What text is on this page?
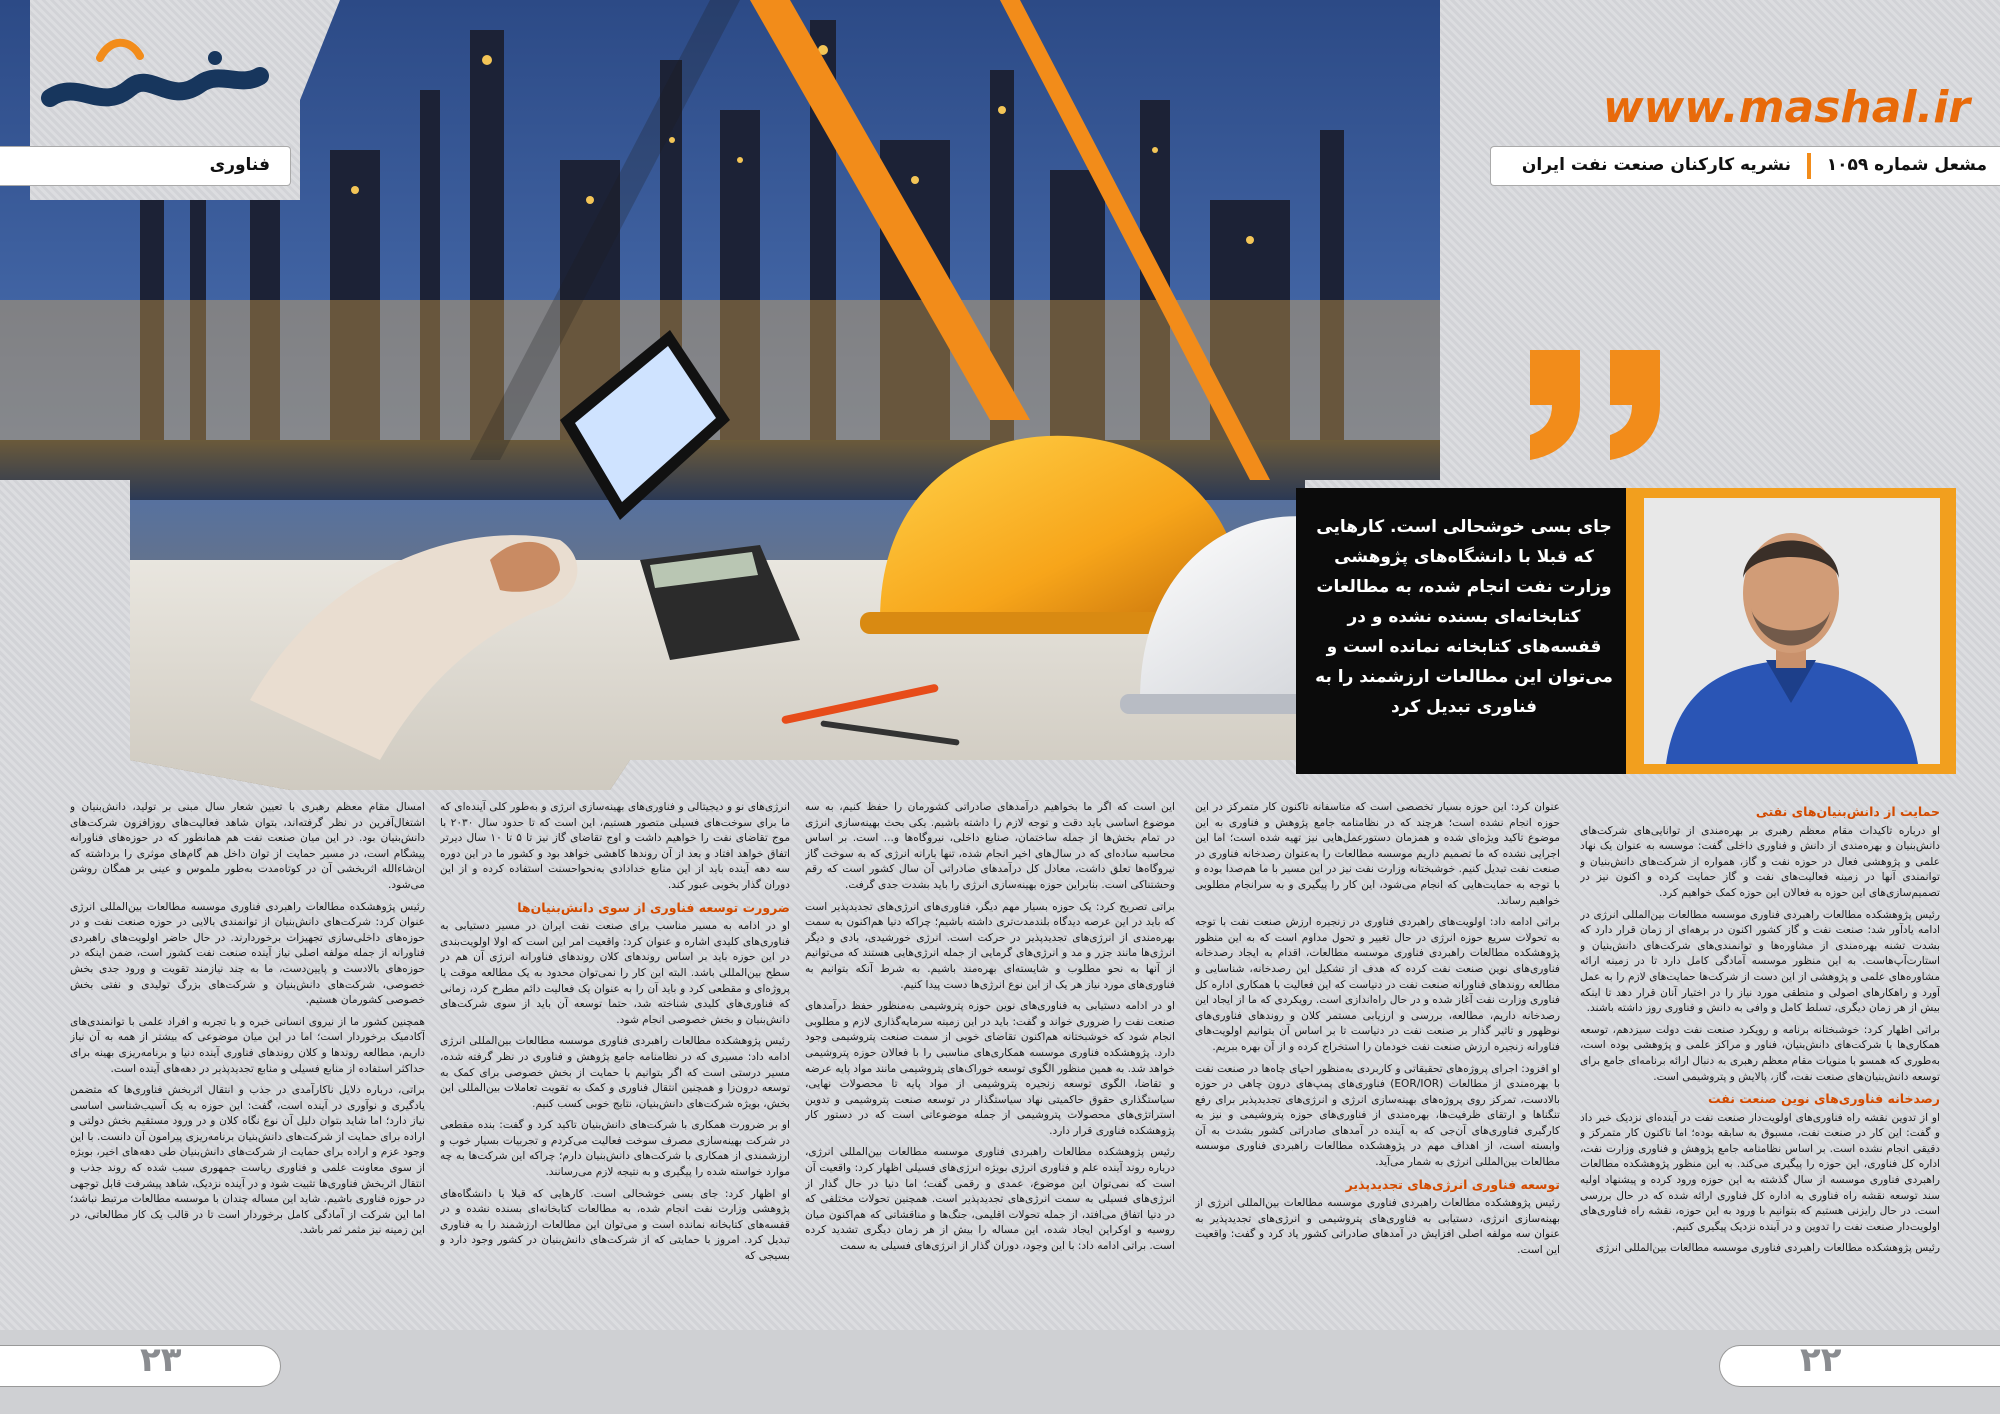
فناوری
www.mashal.ir
مشعل شماره ۱۰۵۹
نشریه کارکنان صنعت نفت ایران
جای بسی خوشحالی است. کارهایی که قبلا با دانشگاه‌های پژوهشی وزارت نفت انجام شده، به مطالعات کتابخانه‌ای بسنده نشده و در قفسه‌های کتابخانه نمانده است و می‌توان این مطالعات ارزشمند را به فناوری تبدیل کرد
حمایت از دانش‌بنیان‌های نفتی

او درباره تاکیدات مقام معظم رهبری بر بهره‌مندی از توانایی‌های شرکت‌های دانش‌بنیان و بهره‌مندی از دانش و فناوری داخلی گفت: موسسه به عنوان یک نهاد علمی و پژوهشی فعال در حوزه نفت و گاز، همواره از شرکت‌های دانش‌بنیان و توانمندی آنها در زمینه فعالیت‌های نفت و گاز حمایت کرده و اکنون نیز در تصمیم‌سازی‌های این حوزه به فعالان این حوزه کمک خواهیم کرد.

رئیس پژوهشکده مطالعات راهبردی فناوری موسسه مطالعات بین‌المللی انرژی در ادامه یادآور شد: صنعت نفت و گاز کشور اکنون در برهه‌ای از زمان قرار دارد که بشدت تشنه بهره‌مندی از مشاوره‌ها و توانمندی‌های شرکت‌های دانش‌بنیان و استارت‌آپ‌هاست. به این منظور موسسه آمادگی کامل دارد تا در زمینه ارائه مشاوره‌های علمی و پژوهشی از این دست از شرکت‌ها حمایت‌های لازم را به عمل آورد و راهکارهای اصولی و منطقی مورد نیاز را در اختیار آنان قرار دهد تا اینکه بیش از هر زمان دیگری، تسلط کامل و وافی به دانش و فناوری روز داشته باشند.

براتی اظهار کرد: خوشبختانه برنامه و رویکرد صنعت نفت دولت سیزدهم، توسعه همکاری‌ها با شرکت‌های دانش‌بنیان، فناور و مراکز علمی و پژوهشی بوده است، به‌طوری که همسو با منویات مقام معظم رهبری به دنبال ارائه برنامه‌ای جامع برای توسعه دانش‌بنیان‌های صنعت نفت، گاز، پالایش و پتروشیمی است.

رصدخانه فناوری‌های نوین صنعت نفت

او از تدوین نقشه راه فناوری‌های اولویت‌دار صنعت نفت در آینده‌ای نزدیک خبر داد و گفت: این کار در صنعت نفت، مسبوق به سابقه بوده؛ اما تاکنون کار متمرکز و دقیقی انجام نشده است. بر اساس نظامنامه جامع پژوهش و فناوری وزارت نفت، اداره کل فناوری، این حوزه را پیگیری می‌کند. به این منظور پژوهشکده مطالعات راهبردی فناوری موسسه از سال گذشته به این حوزه ورود کرده و پیشنهاد اولیه سند توسعه نقشه راه فناوری به اداره کل فناوری ارائه شده که در حال بررسی است. در حال رایزنی هستیم که بتوانیم با ورود به این حوزه، نقشه راه فناوری‌های اولویت‌دار صنعت نفت را تدوین و در آینده نزدیک پیگیری کنیم.

رئیس پژوهشکده مطالعات راهبردی فناوری موسسه مطالعات بین‌المللی انرژی

عنوان کرد: این حوزه بسیار تخصصی است که متاسفانه تاکنون کار متمرکز در این حوزه انجام نشده است؛ هرچند که در نظامنامه جامع پژوهش و فناوری به این موضوع تاکید ویژه‌ای شده و همزمان دستورعمل‌هایی نیز تهیه شده است؛ اما این اجرایی نشده که ما تصمیم داریم موسسه مطالعات را به‌عنوان رصدخانه فناوری در صنعت نفت تبدیل کنیم. خوشبختانه وزارت نفت نیز در این مسیر با ما هم‌صدا بوده و با توجه به حمایت‌هایی که انجام می‌شود، این کار را پیگیری و به سرانجام مطلوبی خواهیم رساند.

براتی ادامه داد: اولویت‌های راهبردی فناوری در زنجیره ارزش صنعت نفت با توجه به تحولات سریع حوزه انرژی در حال تغییر و تحول مداوم است که به این منظور پژوهشکده مطالعات راهبردی فناوری موسسه مطالعات، اقدام به ایجاد رصدخانه فناوری‌های نوین صنعت نفت کرده که هدف از تشکیل این رصدخانه، شناسایی و مطالعه روندهای فناورانه صنعت نفت در دنیاست که این فعالیت با همکاری اداره کل فناوری وزارت نفت آغاز شده و در حال راه‌اندازی است. رویکردی که ما از ایجاد این رصدخانه داریم، مطالعه، بررسی و ارزیابی مستمر کلان و روندهای فناوری‌های نوظهور و تاثیر گذار بر صنعت نفت در دنیاست تا بر اساس آن بتوانیم اولویت‌های فناورانه زنجیره ارزش صنعت نفت خودمان را استخراج کرده و از آن بهره ببریم.

او افزود: اجرای پروژه‌های تحقیقاتی و کاربردی به‌منظور احیای چاه‌ها در صنعت نفت با بهره‌مندی از مطالعات (EOR/IOR) فناوری‌های پمپ‌های درون چاهی در حوزه بالادست، تمرکز روی پروژه‌های بهینه‌سازی انرژی و انرژی‌های تجدیدپذیر برای رفع تنگناها و ارتقای ظرفیت‌ها، بهره‌مندی از فناوری‌های حوزه پتروشیمی و نیز به کارگیری فناوری‌های آن‌جی که به آینده در آمدهای صادراتی کشور بشدت به آن وابسته است، از اهداف مهم در پژوهشکده مطالعات راهبردی فناوری موسسه مطالعات بین‌المللی انرژی به شمار می‌آید.

توسعه فناوری انرژی‌های تجدیدپذیر

رئیس پژوهشکده مطالعات راهبردی فناوری موسسه مطالعات بین‌المللی انرژی از بهینه‌سازی انرژی، دستیابی به فناوری‌های پتروشیمی و انرژی‌های تجدیدپذیر به عنوان سه مولفه اصلی افزایش در آمدهای صادراتی کشور یاد کرد و گفت: واقعیت این است.

این است که اگر ما بخواهیم درآمدهای صادراتی کشورمان را حفظ کنیم، به سه موضوع اساسی باید دقت و توجه لازم را داشته باشیم. یکی بحث بهینه‌سازی انرژی در تمام بخش‌ها از جمله ساختمان، صنایع داخلی، نیروگاه‌ها و... است. بر اساس محاسبه ساده‌ای که در سال‌های اخیر انجام شده، تنها بارانه انرژی که به سوخت گاز نیروگاه‌ها تعلق داشت، معادل کل درآمدهای صادراتی آن سال کشور است که رقم وحشتناکی است. بنابراین حوزه بهینه‌سازی انرژی را باید بشدت جدی گرفت.

براتی تصریح کرد: یک حوزه بسیار مهم دیگر، فناوری‌های انرژی‌های تجدیدپذیر است که باید در این عرصه دیدگاه بلندمدت‌تری داشته باشیم؛ چراکه دنیا هم‌اکنون به سمت بهره‌مندی از انرژی‌های تجدیدپذیر در حرکت است. انرژی خورشیدی، بادی و دیگر انرژی‌ها مانند جزر و مد و انرژی‌های گرمایی از جمله انرژی‌هایی هستند که می‌توانیم از آنها به نحو مطلوب و شایسته‌ای بهره‌مند باشیم. به شرط آنکه بتوانیم به فناوری‌های مورد نیاز هر یک از این نوع انرژی‌ها دست پیدا کنیم.

او در ادامه دستیابی به فناوری‌های نوین حوزه پتروشیمی به‌منظور حفظ درآمدهای صنعت نفت را ضروری خواند و گفت: باید در این زمینه سرمایه‌گذاری لازم و مطلوبی انجام شود که خوشبختانه هم‌اکنون تقاضای خوبی از سمت صنعت پتروشیمی وجود دارد. پژوهشکده فناوری موسسه همکاری‌های مناسبی را با فعالان حوزه پتروشیمی خواهد شد. به همین منظور الگوی توسعه خوراک‌های پتروشیمی مانند مواد پایه عرضه و تقاضا، الگوی توسعه زنجیره پتروشیمی از مواد پایه تا محصولات نهایی، سیاستگذاری حقوق حاکمیتی نهاد سیاستگذار در توسعه صنعت پتروشیمی و تدوین استراتژی‌های محصولات پتروشیمی از جمله موضوعاتی است که در دستور کار پژوهشکده فناوری قرار دارد.

رئیس پژوهشکده مطالعات راهبردی فناوری موسسه مطالعات بین‌المللی انرژی، درباره روند آینده علم و فناوری انرژی بویژه انرژی‌های فسیلی اظهار کرد: واقعیت آن است که نمی‌توان این موضوع، عمدی و رقمی گفت؛ اما دنیا در حال گذار از انرژی‌های فسیلی به سمت انرژی‌های تجدیدپذیر است. همچنین تحولات مختلفی که در دنیا اتفاق می‌افتد، از جمله تحولات اقلیمی، جنگ‌ها و مناقشاتی که هم‌اکنون میان روسیه و اوکراین ایجاد شده، این مساله را بیش از هر زمان دیگری تشدید کرده است. براتی ادامه داد: با این وجود، دوران گذار از انرژی‌های فسیلی به سمت

انرژی‌های نو و دیجیتالی و فناوری‌های بهینه‌سازی انرژی و به‌طور کلی آینده‌ای که ما برای سوخت‌های فسیلی متصور هستیم، این است که تا حدود سال ۲۰۳۰ با موج تقاضای نفت را خواهیم داشت و اوج تقاضای گاز نیز تا ۵ تا ۱۰ سال دیرتر اتفاق خواهد افتاد و بعد از آن روندها کاهشی خواهد بود و کشور ما در این دوره سه دهه آینده باید از این منابع خدادادی به‌نحواحسنت استفاده کرده و از این دوران گذار بخوبی عبور کند.

ضرورت توسعه فناوری از سوی دانش‌بنیان‌ها

او در ادامه به مسیر مناسب برای صنعت نفت ایران در مسیر دستیابی به فناوری‌های کلیدی اشاره و عنوان کرد: واقعیت امر این است که اولا اولویت‌بندی در این حوزه باید بر اساس روندهای کلان روندهای فناورانه انرژی آن هم در سطح بین‌المللی باشد. البته این کار را نمی‌توان محدود به یک مطالعه موقت یا پروژه‌ای و مقطعی کرد و باید آن را به عنوان یک فعالیت دائم مطرح کرد، زمانی که فناوری‌های کلیدی شناخته شد، حتما توسعه آن باید از سوی شرکت‌های دانش‌بنیان و بخش خصوصی انجام شود.

رئیس پژوهشکده مطالعات راهبردی فناوری موسسه مطالعات بین‌المللی انرژی ادامه داد: مسیری که در نظامنامه جامع پژوهش و فناوری در نظر گرفته شده، مسیر درستی است که اگر بتوانیم با حمایت از بخش خصوصی برای کمک به توسعه درون‌زا و همچنین انتقال فناوری و کمک به تقویت تعاملات بین‌المللی این بخش، بویژه شرکت‌های دانش‌بنیان، نتایج خوبی کسب کنیم.

او بر ضرورت همکاری با شرکت‌های دانش‌بنیان تاکید کرد و گفت: بنده مقطعی در شرکت بهینه‌سازی مصرف سوخت فعالیت می‌کردم و تجربیات بسیار خوب و ارزشمندی از همکاری با شرکت‌های دانش‌بنیان دارم؛ چراکه این شرکت‌ها به چه موارد خواسته شده را پیگیری و به نتیجه لازم می‌رسانند.

او اظهار کرد: جای بسی خوشحالی است. کارهایی که قبلا با دانشگاه‌های پژوهشی وزارت نفت انجام شده، به مطالعات کتابخانه‌ای بسنده نشده و در قفسه‌های کتابخانه نمانده است و می‌توان این مطالعات ارزشمند را به فناوری تبدیل کرد. امروز با حمایتی که از شرکت‌های دانش‌بنیان در کشور وجود دارد و بسیجی که

امسال مقام معظم رهبری با تعیین شعار سال مبنی بر تولید، دانش‌بنیان و اشتغال‌آفرین در نظر گرفته‌اند، بتوان شاهد فعالیت‌های روزافزون شرکت‌های دانش‌بنیان بود. در این میان صنعت نفت هم همانطور که در حوزه‌های فناورانه پیشگام است، در مسیر حمایت از توان داخل هم گام‌های موثری را برداشته که ان‌شاءالله اثربخشی آن در کوتاه‌مدت به‌طور ملموس و عینی بر همگان روشن می‌شود.

رئیس پژوهشکده مطالعات راهبردی فناوری موسسه مطالعات بین‌المللی انرژی عنوان کرد: شرکت‌های دانش‌بنیان از توانمندی بالایی در حوزه صنعت نفت و در حوزه‌های داخلی‌سازی تجهیزات برخوردارند. در حال حاضر اولویت‌های راهبردی فناورانه از جمله مولفه اصلی نیاز آینده صنعت نفت کشور است، ضمن اینکه در حوزه‌های بالادست و پایین‌دست، ما به چند نیازمند تقویت و ورود جدی بخش خصوصی، شرکت‌های دانش‌بنیان و شرکت‌های بزرگ تولیدی و نفتی بخش خصوصی کشورمان هستیم.

همچنین کشور ما از نیروی انسانی خبره و با تجربه و افراد علمی با توانمندی‌های آکادمیک برخوردار است؛ اما در این میان موضوعی که بیشتر از همه به آن نیاز داریم، مطالعه روندها و کلان روندهای فناوری آینده دنیا و برنامه‌ریزی بهینه برای حداکثر استفاده از منابع فسیلی و منابع تجدیدپذیر در دهه‌های آینده است.

براتی، درباره دلایل ناکارآمدی در جذب و انتقال اثربخش فناوری‌ها که متضمن یادگیری و نوآوری در آینده است، گفت: این حوزه به یک آسیب‌شناسی اساسی نیاز دارد؛ اما شاید بتوان دلیل آن نوع نگاه کلان و در ورود مستقیم بخش دولتی و اراده برای حمایت از شرکت‌های دانش‌بنیان برنامه‌ریزی پیرامون آن دانست. با این وجود عزم و اراده برای حمایت از شرکت‌های دانش‌بنیان طی دهه‌های اخیر، بویژه از سوی معاونت علمی و فناوری ریاست جمهوری سبب شده که روند جذب و انتقال اثربخش فناوری‌ها تثبیت شود و در آینده نزدیک، شاهد پیشرفت قابل توجهی در حوزه فناوری باشیم. شاید این مساله چندان با موسسه مطالعات مرتبط نباشد؛ اما این شرکت از آمادگی کامل برخوردار است تا در قالب یک کار مطالعاتی، در این زمینه نیز مثمر ثمر باشد.

۲۳	۲۲
